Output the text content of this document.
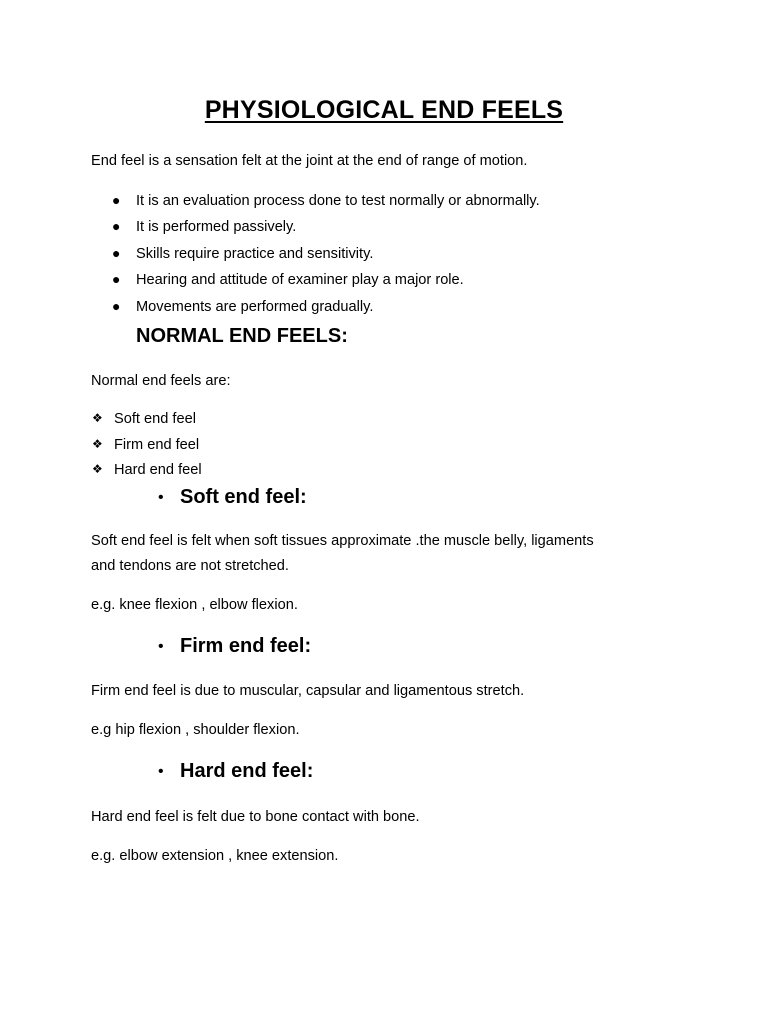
PHYSIOLOGICAL END FEELS
End feel is a sensation felt at the joint at the end of range of motion.
● It is an evaluation process done to test normally or abnormally.
● It is performed passively.
● Skills require practice and sensitivity.
● Hearing and attitude of examiner play a major role.
● Movements are performed gradually.
NORMAL END FEELS:
Normal end feels are:
❖ Soft end feel
❖ Firm end feel
❖ Hard end feel
• Soft end feel:
Soft end feel is felt when soft tissues approximate .the muscle belly, ligaments
and tendons are not stretched.
e.g. knee flexion , elbow flexion.
• Firm end feel:
Firm end feel is due to muscular, capsular and ligamentous stretch.
e.g hip flexion , shoulder flexion.
• Hard end feel:
Hard end feel is felt due to bone contact with bone.
e.g. elbow extension , knee extension.
